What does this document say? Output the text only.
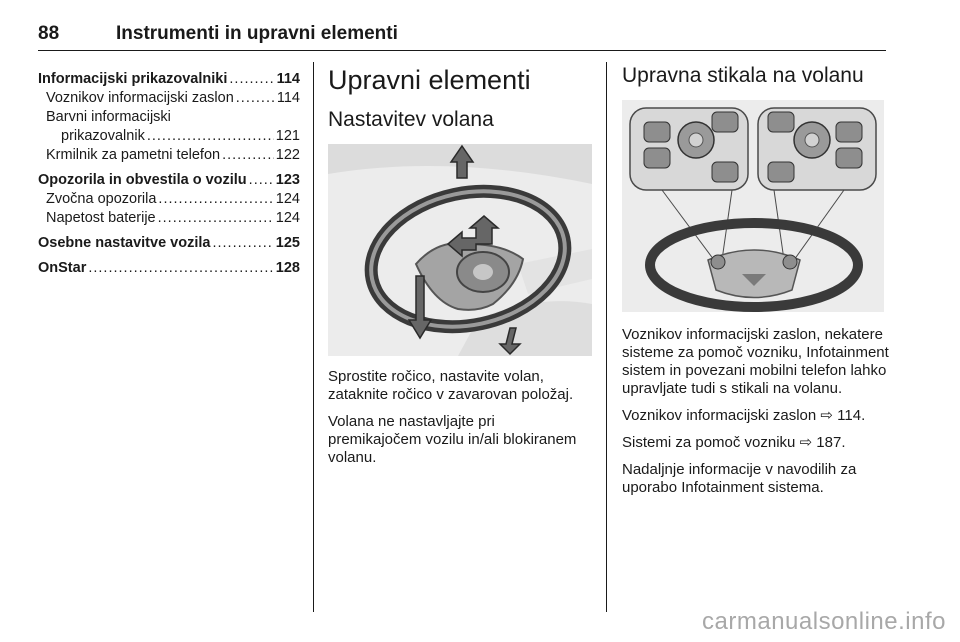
88	Instrumenti in upravni elementi
Informacijski prikazovalniki .....	114
Voznikov informacijski zaslon .....	114
Barvni informacijski
prikazovalnik .....	121
Krmilnik za pametni telefon .....	122
Opozorila in obvestila o vozilu ..... 123
Zvočna opozorila .....	124
Napetost baterije .....	124
Osebne nastavitve vozila .....	125
OnStar .....	128
Upravni elementi
Nastavitev volana

Sprostite ročico, nastavite volan, zataknite ročico v zavarovan položaj.

Volana ne nastavljajte pri premikajočem vozilu in/ali blokiranem volanu.

Upravna stikala na volanu

Voznikov informacijski zaslon, nekatere sisteme za pomoč vozniku, Infotainment sistem in povezani mobilni telefon lahko upravljate tudi s stikali na volanu.

Voznikov informacijski zaslon ⇨ 114.

Sistemi za pomoč vozniku ⇨ 187.

Nadaljnje informacije v navodilih za uporabo Infotainment sistema.

carmanualsonline.info
